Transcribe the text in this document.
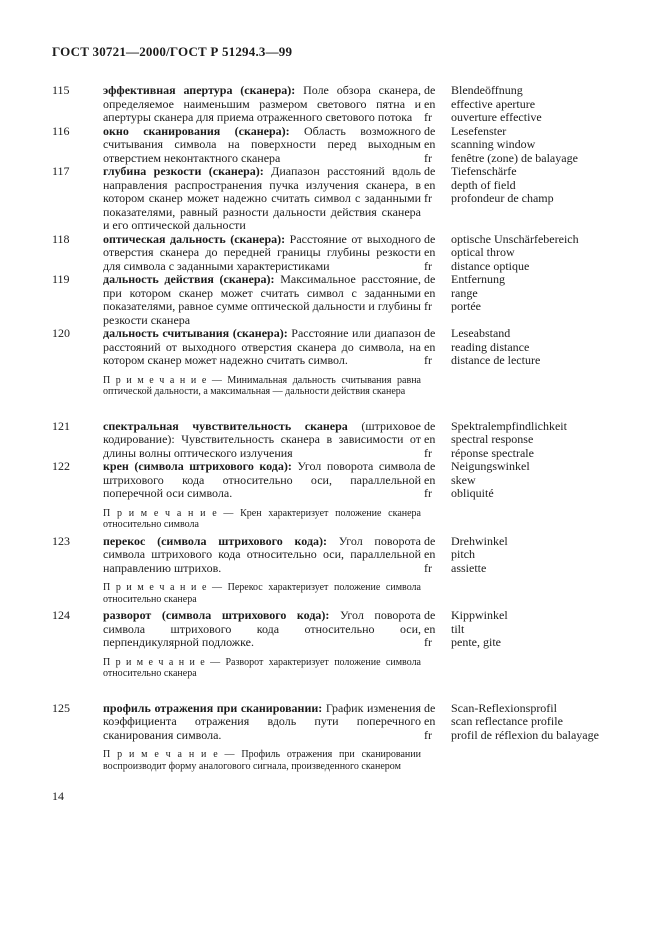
ГОСТ 30721—2000/ГОСТ Р 51294.3—99
115	эффективная апертура (сканера): Поле обзора сканера, определяемое наименьшим размером светового пятна и апертуры сканера для приема отраженного светового потока
de	Blendeöffnung
en	effective aperture
fr	ouverture effective
116	окно сканирования (сканера): Область возможного считывания символа на поверхности перед выходным отверстием неконтактного сканера
de	Lesefenster
en	scanning window
fr	fenêtre (zone) de balayage
117	глубина резкости (сканера): Диапазон расстояний вдоль направления распространения пучка излучения сканера, в котором сканер может надежно считать символ с заданными показателями, равный разности дальности действия сканера и его оптической дальности
de	Tiefenschärfe
en	depth of field
fr	profondeur de champ
118	оптическая дальность (сканера): Расстояние от выходного отверстия сканера до передней границы глубины резкости для символа с заданными характеристиками
de	optische Unschärfebereich
en	optical throw
fr	distance optique
119	дальность действия (сканера): Максимальное расстояние, при котором сканер может считать символ с заданными показателями, равное сумме оптической дальности и глубины резкости сканера
de	Entfernung
en	range
fr	portée
120	дальность считывания (сканера): Расстояние или диапазон расстояний от выходного отверстия сканера до символа, на котором сканер может надежно считать символ.
П р и м е ч а н и е — Минимальная дальность считывания равна оптической дальности, а максимальная — дальности действия сканера
de	Leseabstand
en	reading distance
fr	distance de lecture
121	спектральная чувствительность сканера (штриховое кодирование): Чувствительность сканера в зависимости от длины волны оптического излучения
de	Spektralempfindlichkeit
en	spectral response
fr	réponse spectrale
122	крен (символа штрихового кода): Угол поворота символа штрихового кода относительно оси, параллельной поперечной оси символа.
П р и м е ч а н и е — Крен характеризует положение сканера относительно символа
de	Neigungswinkel
en	skew
fr	obliquité
123	перекос (символа штрихового кода): Угол поворота символа штрихового кода относительно оси, параллельной направлению штрихов.
П р и м е ч а н и е — Перекос характеризует положение символа относительно сканера
de	Drehwinkel
en	pitch
fr	assiette
124	разворот (символа штрихового кода): Угол поворота символа штрихового кода относительно оси, перпендикулярной подложке.
П р и м е ч а н и е — Разворот характеризует положение символа относительно сканера
de	Kippwinkel
en	tilt
fr	pente, gite
125	профиль отражения при сканировании: График изменения коэффициента отражения вдоль пути поперечного сканирования символа.
П р и м е ч а н и е — Профиль отражения при сканировании воспроизводит форму аналогового сигнала, произведенного сканером
de	Scan-Reflexionsprofil
en	scan reflectance profile
fr	profil de réflexion du balayage
14
